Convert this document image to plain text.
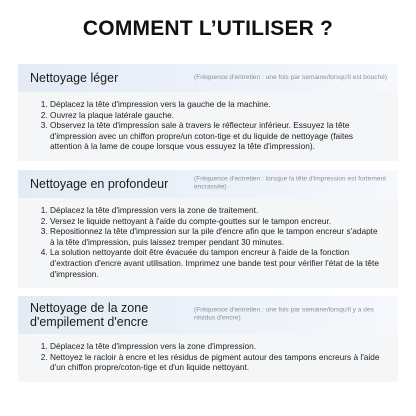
COMMENT L’UTILISER ?
Nettoyage léger	(Fréquence d'entretien : une fois par semaine/lorsqu'il est bouché)
1. Déplacez la tête d'impression vers la gauche de la machine.
2. Ouvrez la plaque latérale gauche.
3. Observez la tête d'impression sale à travers le réflecteur inférieur. Essuyez la tête d'impression avec un chiffon propre/un coton-tige et du liquide de nettoyage (faites attention à la lame de coupe lorsque vous essuyez la tête d'impression).
Nettoyage en profondeur	(Fréquence d'entretien : lorsque la tête d'impression est fortement encrassée)
1. Déplacez la tête d'impression vers la zone de traitement.
2. Versez le liquide nettoyant à l'aide du compte-gouttes sur le tampon encreur.
3. Repositionnez la tête d'impression sur la pile d'encre afin que le tampon encreur s'adapte à la tête d'impression, puis laissez tremper pendant 30 minutes.
4. La solution nettoyante doit être évacuée du tampon encreur à l'aide de la fonction d'extraction d'encre avant utilisation. Imprimez une bande test pour vérifier l'état de la tête d'impression.
Nettoyage de la zone d'empilement d'encre
(Fréquence d'entretien : une fois par semaine/lorsqu'il y a des résidus d'encre)
1. Déplacez la tête d'impression vers la zone d'impression.
2. Nettoyez le racloir à encre et les résidus de pigment autour des tampons encreurs à l'aide d'un chiffon propre/coton-tige et d'un liquide nettoyant.
